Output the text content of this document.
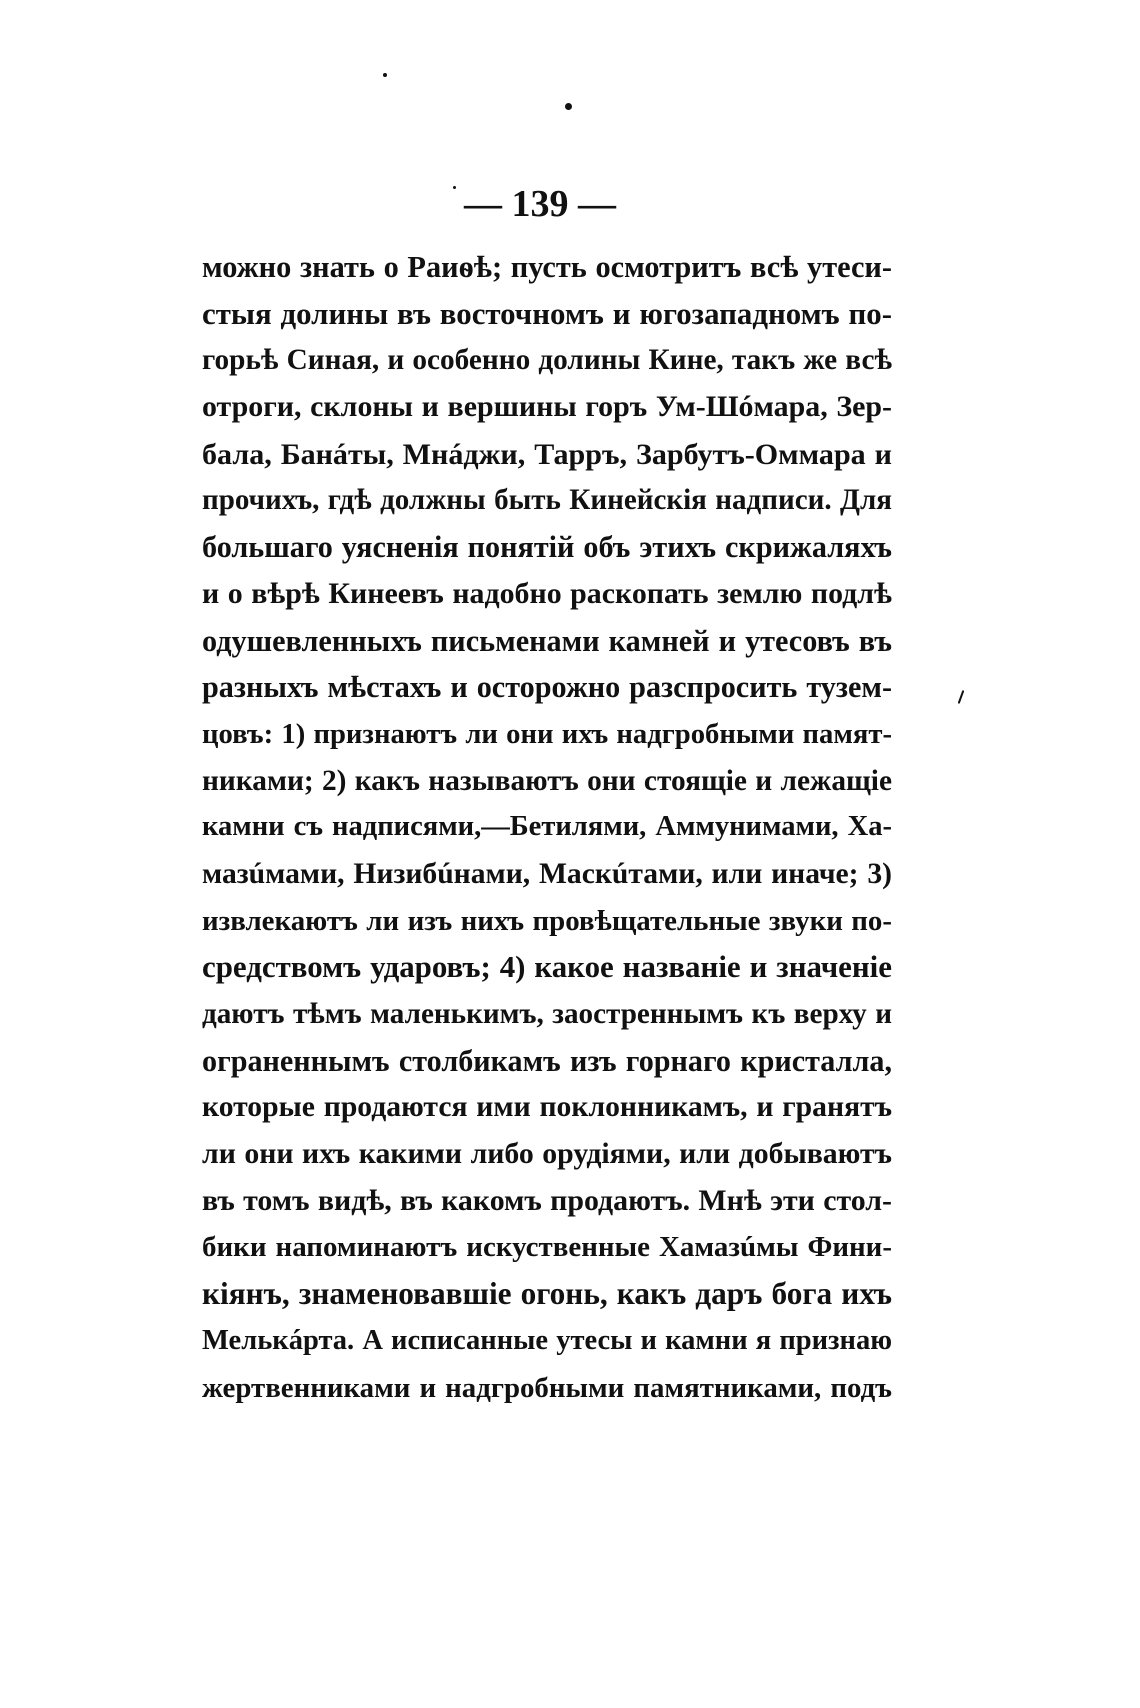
— 139 —
можно знать о Раиѳѣ; пусть осмотритъ всѣ утеси-
стыя долины въ восточномъ и югозападномъ по-
горьѣ Синая, и особенно долины Кине, такъ же всѣ
отроги, склоны и вершины горъ Ум-Шóмара, Зер-
бала, Банáты, Мнáджи, Тарръ, Зарбутъ-Оммара и
прочихъ, гдѣ должны быть Кинейскія надписи. Для
большаго уясненія понятій объ этихъ скрижаляхъ
и о вѣрѣ Кинеевъ надобно раскопать землю подлѣ
одушевленныхъ письменами камней и утесовъ въ
разныхъ мѣстахъ и осторожно разспросить тузем-
цовъ: 1) признаютъ ли они ихъ надгробными памят-
никами; 2) какъ называютъ они стоящіе и лежащіе
камни съ надписями,—Бетилями, Аммунимами, Ха-
мазúмами, Низибúнами, Маскúтами, или иначе; 3)
извлекаютъ ли изъ нихъ провѣщательные звуки по-
средствомъ ударовъ; 4) какое названіе и значеніе
даютъ тѣмъ маленькимъ, заостреннымъ къ верху и
ограненнымъ столбикамъ изъ горнаго кристалла,
которые продаются ими поклонникамъ, и гранятъ
ли они ихъ какими либо орудіями, или добываютъ
въ томъ видѣ, въ какомъ продаютъ. Мнѣ эти стол-
бики напоминаютъ искуственные Хамазúмы Фини-
кіянъ, знаменовавшіе огонь, какъ даръ бога ихъ
Мелькáрта. А исписанные утесы и камни я признаю
жертвенниками и надгробными памятниками, подъ
